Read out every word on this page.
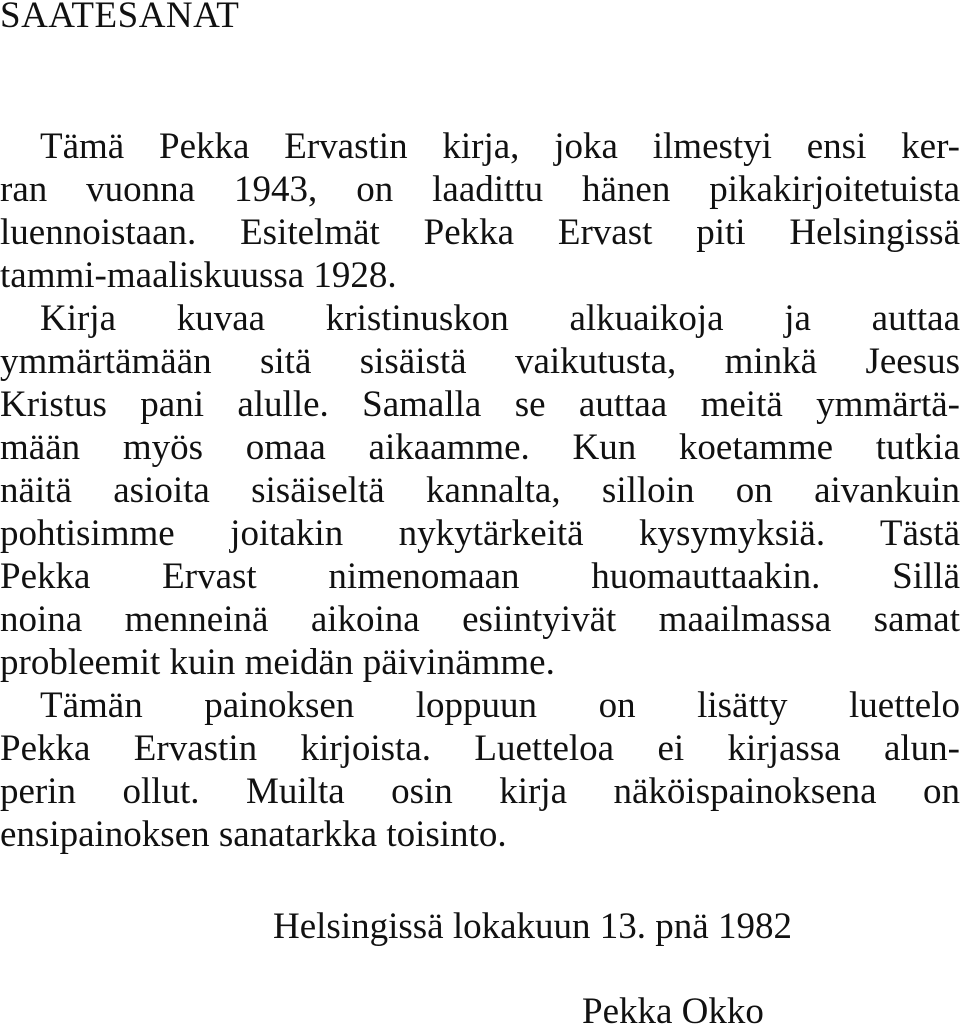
SAATESANAT
Tämä Pekka Ervastin kirja, joka ilmestyi ensi ker-
ran vuonna 1943, on laadittu hänen pikakirjoitetuista
luennoistaan. Esitelmät Pekka Ervast piti Helsingissä
tammi-maaliskuussa 1928.
Kirja kuvaa kristinuskon alkuaikoja ja auttaa
ymmärtämään sitä sisäistä vaikutusta, minkä Jeesus
Kristus pani alulle. Samalla se auttaa meitä ymmärtä-
mään myös omaa aikaamme. Kun koetamme tutkia
näitä asioita sisäiseltä kannalta, silloin on aivankuin
pohtisimme joitakin nykytärkeitä kysymyksiä. Tästä
Pekka Ervast nimenomaan huomauttaakin. Sillä
noina menneinä aikoina esiintyivät maailmassa samat
probleemit kuin meidän päivinämme.
Tämän painoksen loppuun on lisätty luettelo
Pekka Ervastin kirjoista. Luetteloa ei kirjassa alun-
perin ollut. Muilta osin kirja näköispainoksena on
ensipainoksen sanatarkka toisinto.
Helsingissä lokakuun 13. pnä 1982
Pekka Okko
